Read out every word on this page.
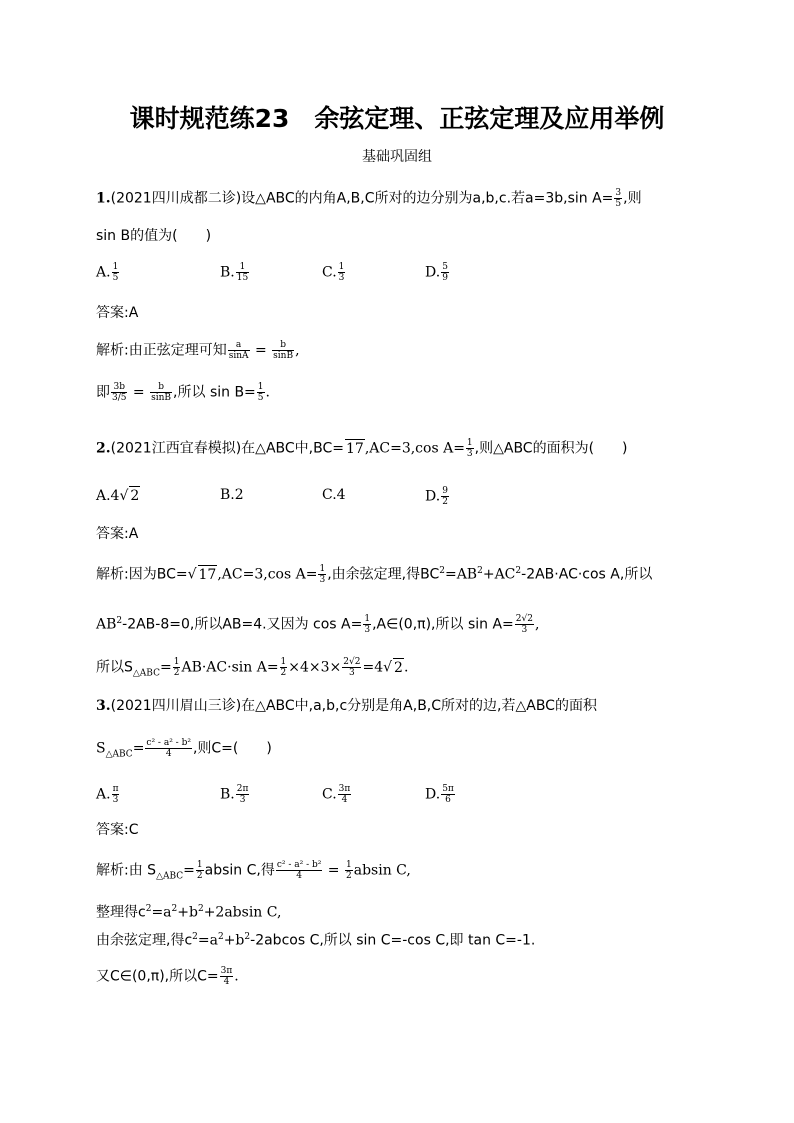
课时规范练23　余弦定理、正弦定理及应用举例
基础巩固组
1.(2021四川成都二诊)设△ABC的内角A,B,C所对的边分别为a,b,c.若a=3b,sin $A= \frac{3}{5}$ ,则
sin B的值为(　　)
A. $\frac{1}{5}$	B. $\frac{1}{15}$	C. $\frac{1}{3}$	D. $\frac{5}{9}$
答案:A
解析:由正弦定理可知 $\frac{a}{\sin A} = \frac{b}{\sin B}$ ,
即 $\frac{3b}{3/5} = \frac{b}{\sin B}$ ,所以 $\sin B= \frac{1}{5}$ .
2.(2021江西宜春模拟)在△ABC中,BC= 17,AC=3,cos $A= \frac{1}{3}$ ,则△ABC的面积为(　　)
A.4√ 2	B.2	C.4	D. $\frac{9}{2}$
答案:A
解析:因为BC=√ 17,AC=3,cos $A= \frac{1}{3}$ ,由余弦定理,得$BC^2=AB^2+AC^2-2AB\cdot AC\cdot\cos$ A,所以
$AB^2-2AB-8=0$,所以AB=4.又因为 $\cos A= \frac{1}{3}$ ,A∈(0,π),所以 $\sin A= \frac{2√2}{3}$ ,
所以$S_{\triangle ABC}= \frac{1}{2} AB\cdot AC\cdot\sin$ $A= \frac{1}{2} \times 4\times 3\times \frac{2√2}{3} =4√$ 2.
3.(2021四川眉山三诊)在△ABC中,a,b,c分别是角A,B,C所对的边,若△ABC的面积
$S_{\triangle ABC}= \frac{\text{c² - a² - b²}}{4}$ ,则C=(　　)
A. $\frac{\pi}{3}$	B. $\frac{2\pi}{3}$	C. $\frac{3\pi}{4}$	D. $\frac{5\pi}{6}$
答案:C
解析:由 $S_{\triangle ABC}= \frac{1}{2}$ absin C,得 $\frac{\text{c² - a² - b²}}{4} = \frac{1}{2}$ absin C,
整理得$c^2=a^2+b^2+2absin$ C,
由余弦定理,得$c^2=a^2+b^2-2abcos$ C,所以 sin C=-cos C,即 tan C=-1.
又C∈(0,π),所以$C= \frac{3\pi}{4}$ .
